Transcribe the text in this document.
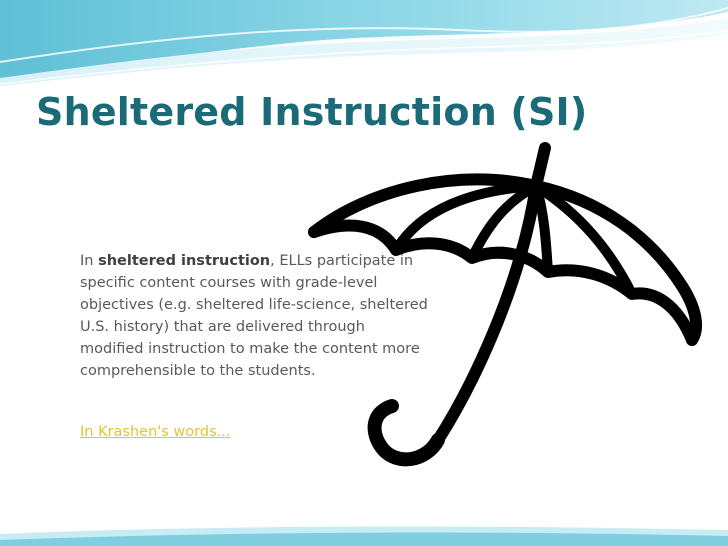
Sheltered Instruction (SI)
In sheltered instruction, ELLs participate in specific content courses with grade-level objectives (e.g. sheltered life-science, sheltered U.S. history) that are delivered through modified instruction to make the content more comprehensible to the students.
In Krashen's words...
